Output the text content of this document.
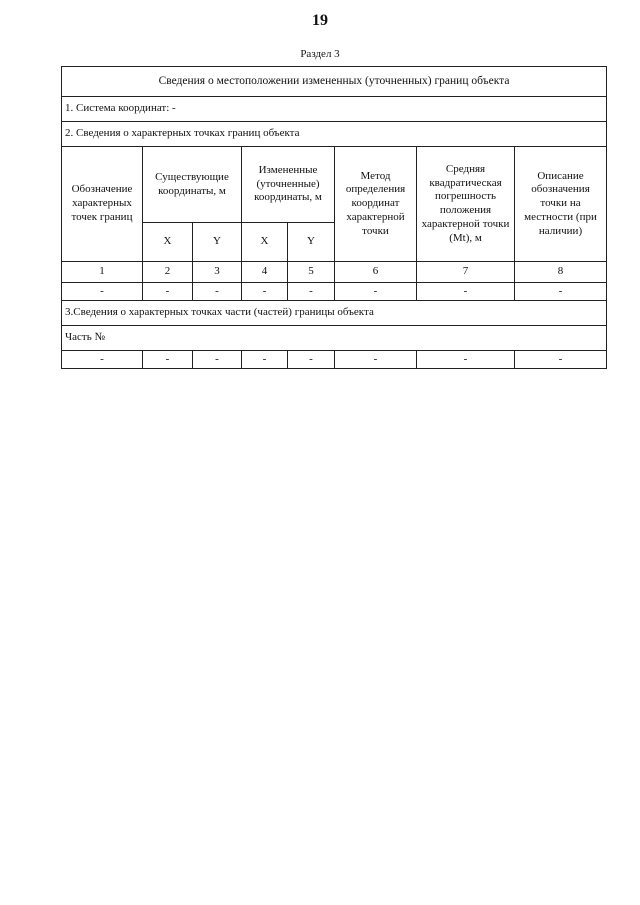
19
Раздел 3
Сведения о местоположении измененных (уточненных) границ объекта							
1. Система координат: -							
2. Сведения о характерных точках границ объекта							
Обозначение характерных точек границ	Существующие координаты, м		Измененные (уточненные) координаты, м		Метод определения координат характерной точки	Средняя квадратическая погрешность положения характерной точки (Mt), м	Описание обозначения точки на местности (при наличии)
	X	Y	X	Y			
1	2	3	4	5	6	7	8
-	-	-	-	-	-	-	-
3.Сведения о характерных точках части (частей) границы объекта							
Часть №							
-	-	-	-	-	-	-	-
